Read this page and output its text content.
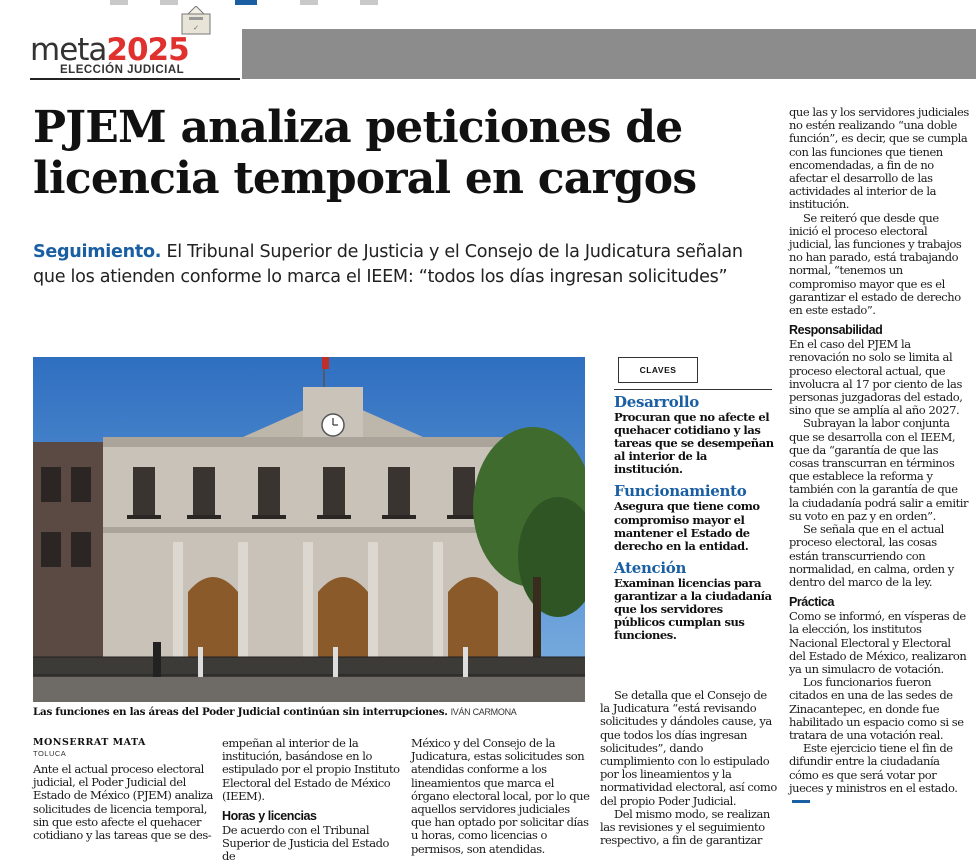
✓
meta2025
ELECCIÓN JUDICIAL
PJEM analiza peticiones de licencia temporal en cargos

Seguimiento. El Tribunal Superior de Justicia y el Consejo de la Judicatura señalan que los atienden conforme lo marca el IEEM: “todos los días ingresan solicitudes”

Las funciones en las áreas del Poder Judicial continúan sin interrupciones. IVÁN CARMONA
MONSERRAT MATA
TOLUCA

Ante el actual proceso electoral judicial, el Poder Judicial del Estado de México (PJEM) analiza solicitudes de licencia temporal, sin que esto afecte el quehacer cotidiano y las tareas que se des-

empeñan al interior de la institución, basándose en lo estipulado por el propio Instituto Electoral del Estado de México (IEEM).

Horas y licencias

De acuerdo con el Tribunal Superior de Justicia del Estado de

México y del Consejo de la Judicatura, estas solicitudes son atendidas conforme a los lineamientos que marca el órgano electoral local, por lo que aquellos servidores judiciales que han optado por solicitar días u horas, como licencias o permisos, son atendidas.

CLAVES

Desarrollo

Procuran que no afecte el quehacer cotidiano y las tareas que se desempeñan al interior de la institución.

Funcionamiento

Asegura que tiene como compromiso mayor el mantener el Estado de derecho en la entidad.

Atención

Examinan licencias para garantizar a la ciudadanía que los servidores públicos cumplan sus funciones.

Se detalla que el Consejo de la Judicatura “está revisando solicitudes y dándoles cause, ya que todos los días ingresan solicitudes”, dando cumplimiento con lo estipulado por los lineamientos y la normatividad electoral, así como del propio Poder Judicial.

Del mismo modo, se realizan las revisiones y el seguimiento respectivo, a fin de garantizar

que las y los servidores judiciales no estén realizando “una doble función”, es decir, que se cumpla con las funciones que tienen encomendadas, a fin de no afectar el desarrollo de las actividades al interior de la institución.

Se reiteró que desde que inició el proceso electoral judicial, las funciones y trabajos no han parado, está trabajando normal, “tenemos un compromiso mayor que es el garantizar el estado de derecho en este estado”.

Responsabilidad

En el caso del PJEM la renovación no solo se limita al proceso electoral actual, que involucra al 17 por ciento de las personas juzgadoras del estado, sino que se amplía al año 2027.

Subrayan la labor conjunta que se desarrolla con el IEEM, que da “garantía de que las cosas transcurran en términos que establece la reforma y también con la garantía de que la ciudadanía podrá salir a emitir su voto en paz y en orden”.

Se señala que en el actual proceso electoral, las cosas están transcurriendo con normalidad, en calma, orden y dentro del marco de la ley.

Práctica

Como se informó, en vísperas de la elección, los institutos Nacional Electoral y Electoral del Estado de México, realizaron ya un simulacro de votación.

Los funcionarios fueron citados en una de las sedes de Zinacantepec, en donde fue habilitado un espacio como si se tratara de una votación real.

Este ejercicio tiene el fin de difundir entre la ciudadanía cómo es que será votar por jueces y ministros en el estado.
